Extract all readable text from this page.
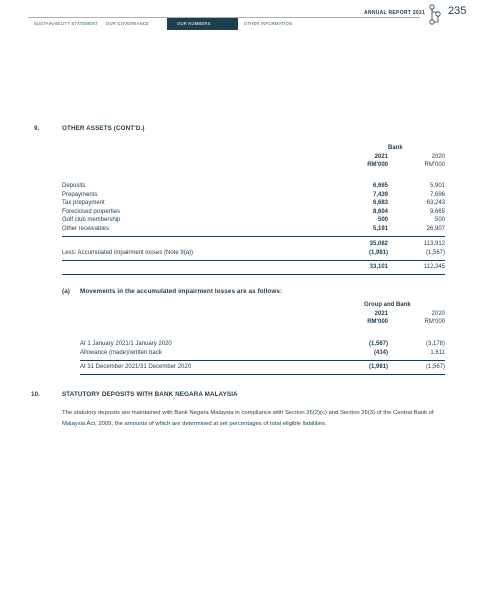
ANNUAL REPORT 2021 235
SUSTAINABILITY STATEMENT	OUR GOVERNANCE	OUR NUMBERS	OTHER INFORMATION
9.	OTHER ASSETS (CONT'D.)
Bank
2021	2020
RM'000	RM'000
Deposits	6,665	5,901
Prepayments	7,439	7,696
Tax prepayment	6,683	63,243
Foreclosed properties	8,604	9,665
Golf club membership	500	500
Other receivables	5,191	26,907
35,082	113,912
Less: Accumulated impairment losses (Note 9(a))	(1,981)	(1,567)
33,101	112,345
(a) Movements in the accumulated impairment losses are as follows:
Group and Bank
2021	2020
RM'000	RM'000
At 1 January 2021/1 January 2020	(1,567)	(3,178)
Allowance (made)/written back	(414)	1,611
At 31 December 2021/31 December 2020	(1,981)	(1,567)
10.	STATUTORY DEPOSITS WITH BANK NEGARA MALAYSIA
The statutory deposits are maintained with Bank Negara Malaysia in compliance with Section 26(2)(c) and Section 26(3) of the Central Bank of Malaysia Act, 2009, the amounts of which are determined at set percentages of total eligible liabilities.
